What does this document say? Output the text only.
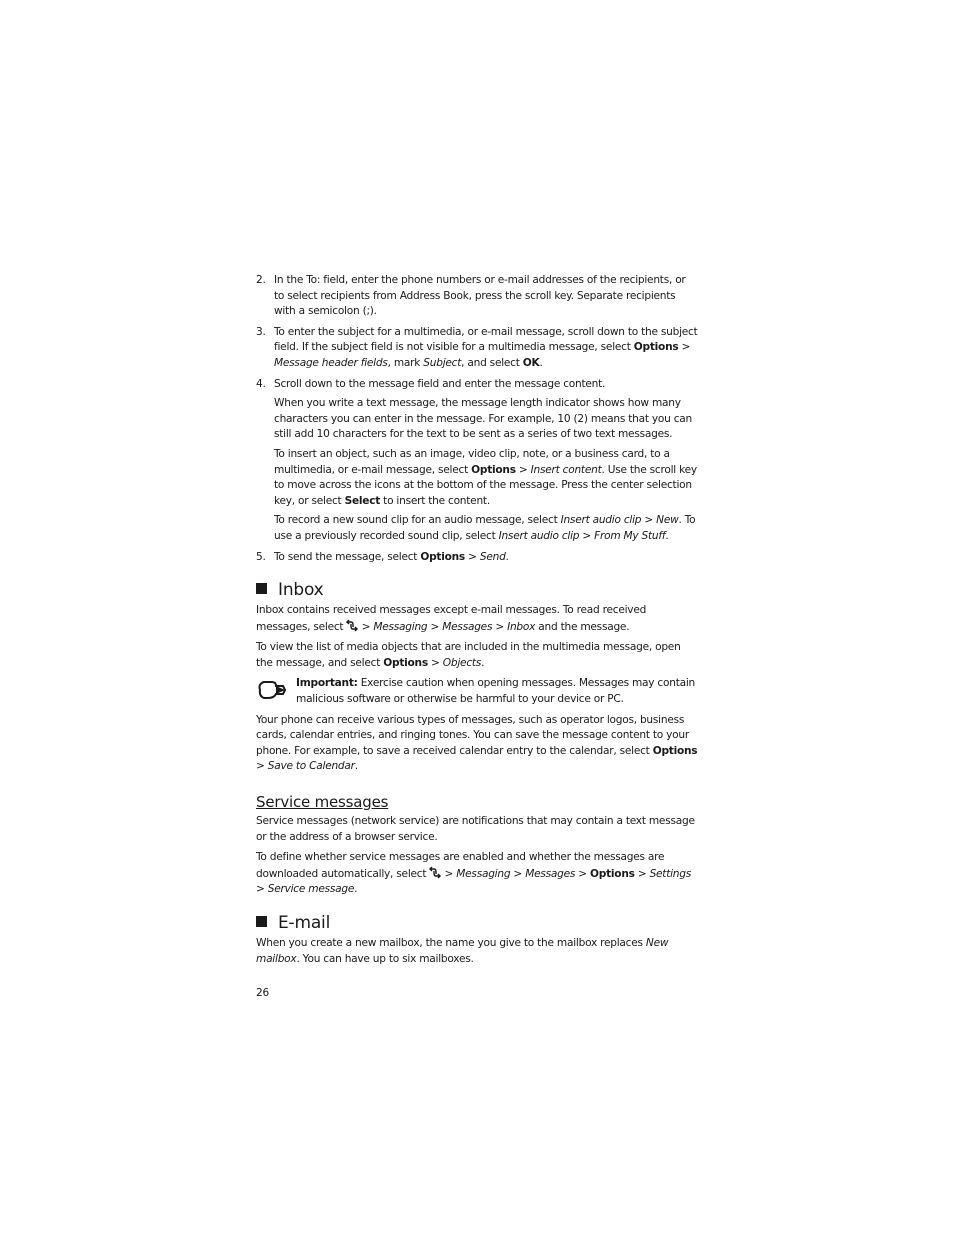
2. In the To: field, enter the phone numbers or e-mail addresses of the recipients, or to select recipients from Address Book, press the scroll key. Separate recipients with a semicolon (;).

3. To enter the subject for a multimedia, or e-mail message, scroll down to the subject field. If the subject field is not visible for a multimedia message, select Options > Message header fields, mark Subject, and select OK.

4. Scroll down to the message field and enter the message content.

When you write a text message, the message length indicator shows how many characters you can enter in the message. For example, 10 (2) means that you can still add 10 characters for the text to be sent as a series of two text messages.

To insert an object, such as an image, video clip, note, or a business card, to a multimedia, or e-mail message, select Options > Insert content. Use the scroll key to move across the icons at the bottom of the message. Press the center selection key, or select Select to insert the content.

To record a new sound clip for an audio message, select Insert audio clip > New. To use a previously recorded sound clip, select Insert audio clip > From My Stuff.

5. To send the message, select Options > Send.

Inbox

Inbox contains received messages except e-mail messages. To read received messages, select  > Messaging > Messages > Inbox and the message.

To view the list of media objects that are included in the multimedia message, open the message, and select Options > Objects.

Important: Exercise caution when opening messages. Messages may contain malicious software or otherwise be harmful to your device or PC.

Your phone can receive various types of messages, such as operator logos, business cards, calendar entries, and ringing tones. You can save the message content to your phone. For example, to save a received calendar entry to the calendar, select Options > Save to Calendar.

Service messages

Service messages (network service) are notifications that may contain a text message or the address of a browser service.

To define whether service messages are enabled and whether the messages are downloaded automatically, select  > Messaging > Messages > Options > Settings > Service message.

E-mail

When you create a new mailbox, the name you give to the mailbox replaces New mailbox. You can have up to six mailboxes.

26
